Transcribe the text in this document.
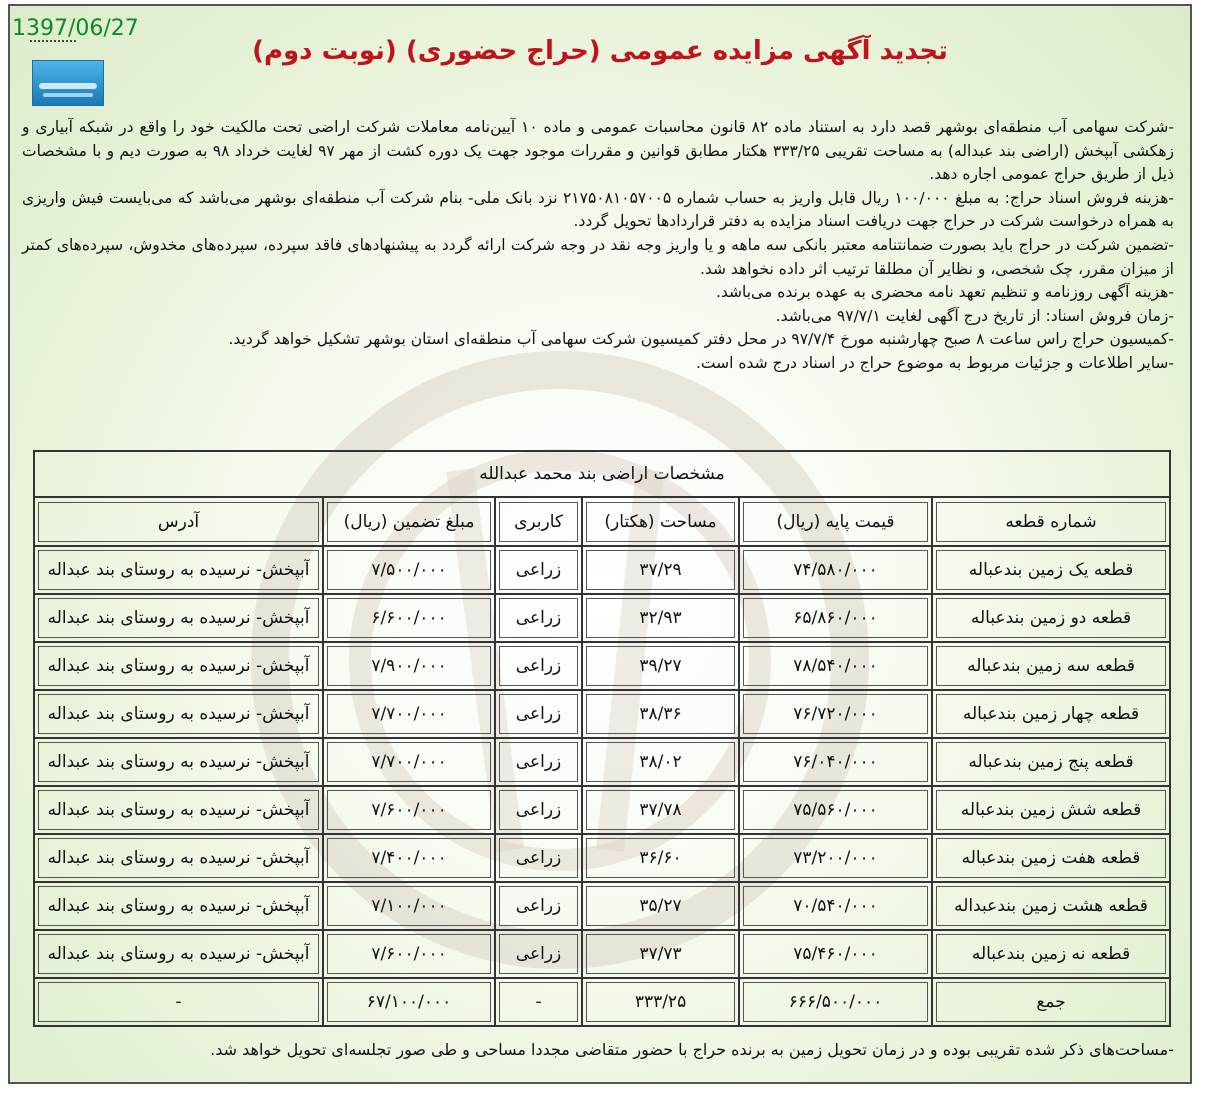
1397/06/27
تجدید آگهی مزایده عمومی (حراج حضوری) (نوبت دوم)

-شرکت سهامی آب منطقه‌ای بوشهر قصد دارد به استناد ماده ۸۲ قانون محاسبات عمومی و ماده ۱۰ آیین‌نامه معاملات شرکت اراضی تحت مالکیت خود را واقع در شبکه آبیاری و زهکشی آبپخش (اراضی بند عبداله) به مساحت تقریبی ۳۳۳/۲۵ هکتار مطابق قوانین و مقررات موجود جهت یک دوره کشت از مهر ۹۷ لغایت خرداد ۹۸ به صورت دیم و با مشخصات ذیل از طریق حراج عمومی اجاره دهد.

-هزینه فروش اسناد حراج: به مبلغ ۱۰۰/۰۰۰ ریال قابل واریز به حساب شماره ۲۱۷۵۰۸۱۰۵۷۰۰۵ نزد بانک ملی- بنام شرکت آب منطقه‌ای بوشهر می‌باشد که می‌بایست فیش واریزی به همراه درخواست شرکت در حراج جهت دریافت اسناد مزایده به دفتر قراردادها تحویل گردد.

-تضمین شرکت در حراج باید بصورت ضمانتنامه معتبر بانکی سه ماهه و یا واریز وجه نقد در وجه شرکت ارائه گردد به پیشنهادهای فاقد سپرده، سپرده‌های مخدوش، سپرده‌های کمتر از میزان مقرر، چک شخصی، و نظایر آن مطلقا ترتیب اثر داده نخواهد شد.

-هزینه آگهی روزنامه و تنظیم تعهد نامه محضری به عهده برنده می‌باشد.

-زمان فروش اسناد: از تاریخ درج آگهی لغایت ۹۷/۷/۱ می‌باشد.

-کمیسیون حراج راس ساعت ۸ صبح چهارشنبه مورخ ۹۷/۷/۴ در محل دفتر کمیسیون شرکت سهامی آب منطقه‌ای استان بوشهر تشکیل خواهد گردید.

-سایر اطلاعات و جزئیات مربوط به موضوع حراج در اسناد درج شده است.

مشخصات اراضی بند محمد عبدالله					

شماره قطعه	قیمت پایه (ریال)	مساحت (هکتار)	کاربری	مبلغ تضمین (ریال)	آدرس

قطعه یک زمین بندعباله	۷۴/۵۸۰/۰۰۰	۳۷/۲۹	زراعی	۷/۵۰۰/۰۰۰	آبپخش- نرسیده به روستای بند عبداله

قطعه دو زمین بندعباله	۶۵/۸۶۰/۰۰۰	۳۲/۹۳	زراعی	۶/۶۰۰/۰۰۰	آبپخش- نرسیده به روستای بند عبداله

قطعه سه زمین بندعباله	۷۸/۵۴۰/۰۰۰	۳۹/۲۷	زراعی	۷/۹۰۰/۰۰۰	آبپخش- نرسیده به روستای بند عبداله

قطعه چهار زمین بندعباله	۷۶/۷۲۰/۰۰۰	۳۸/۳۶	زراعی	۷/۷۰۰/۰۰۰	آبپخش- نرسیده به روستای بند عبداله

قطعه پنج زمین بندعباله	۷۶/۰۴۰/۰۰۰	۳۸/۰۲	زراعی	۷/۷۰۰/۰۰۰	آبپخش- نرسیده به روستای بند عبداله

قطعه شش زمین بندعباله	۷۵/۵۶۰/۰۰۰	۳۷/۷۸	زراعی	۷/۶۰۰/۰۰۰	آبپخش- نرسیده به روستای بند عبداله

قطعه هفت زمین بندعباله	۷۳/۲۰۰/۰۰۰	۳۶/۶۰	زراعی	۷/۴۰۰/۰۰۰	آبپخش- نرسیده به روستای بند عبداله

قطعه هشت زمین بندعبداله	۷۰/۵۴۰/۰۰۰	۳۵/۲۷	زراعی	۷/۱۰۰/۰۰۰	آبپخش- نرسیده به روستای بند عبداله

قطعه نه زمین بندعباله	۷۵/۴۶۰/۰۰۰	۳۷/۷۳	زراعی	۷/۶۰۰/۰۰۰	آبپخش- نرسیده به روستای بند عبداله

جمع	۶۶۶/۵۰۰/۰۰۰	۳۳۳/۲۵	-	۶۷/۱۰۰/۰۰۰	-
-مساحت‌های ذکر شده تقریبی بوده و در زمان تحویل زمین به برنده حراج با حضور متقاضی مجددا مساحی و طی صور تجلسه‌ای تحویل خواهد شد.
